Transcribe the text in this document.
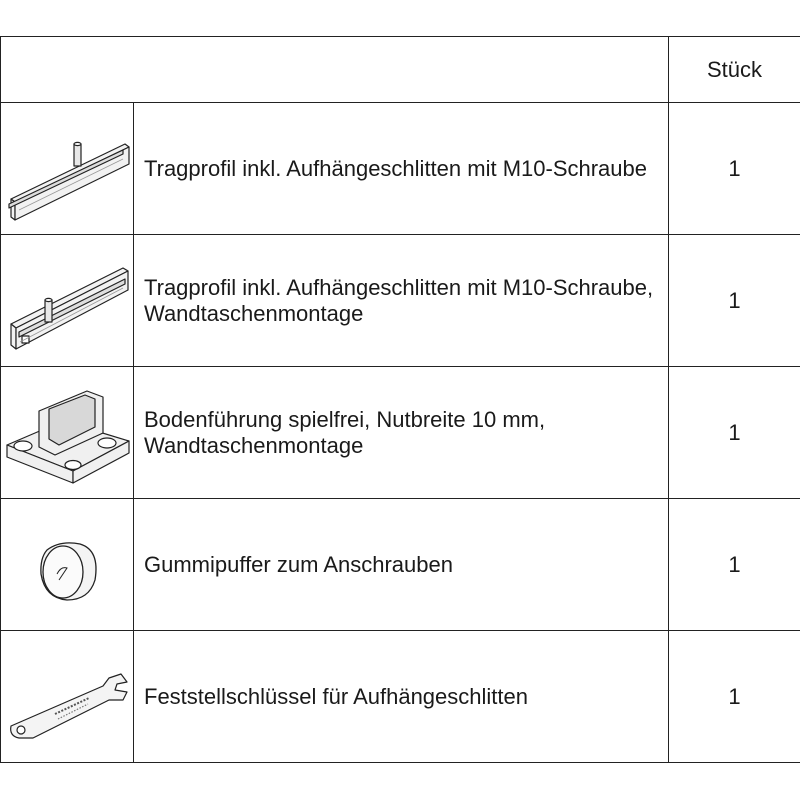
		Stück

	Tragprofil inkl. Aufhängeschlitten mit M10-Schraube	1

	Tragprofil inkl. Aufhängeschlitten mit M10-Schraube, Wandtaschenmontage	1

	Bodenführung spielfrei, Nutbreite 10 mm, Wandtaschenmontage	1

	Gummipuffer zum Anschrauben	1

	Feststellschlüssel für Aufhängeschlitten	1
